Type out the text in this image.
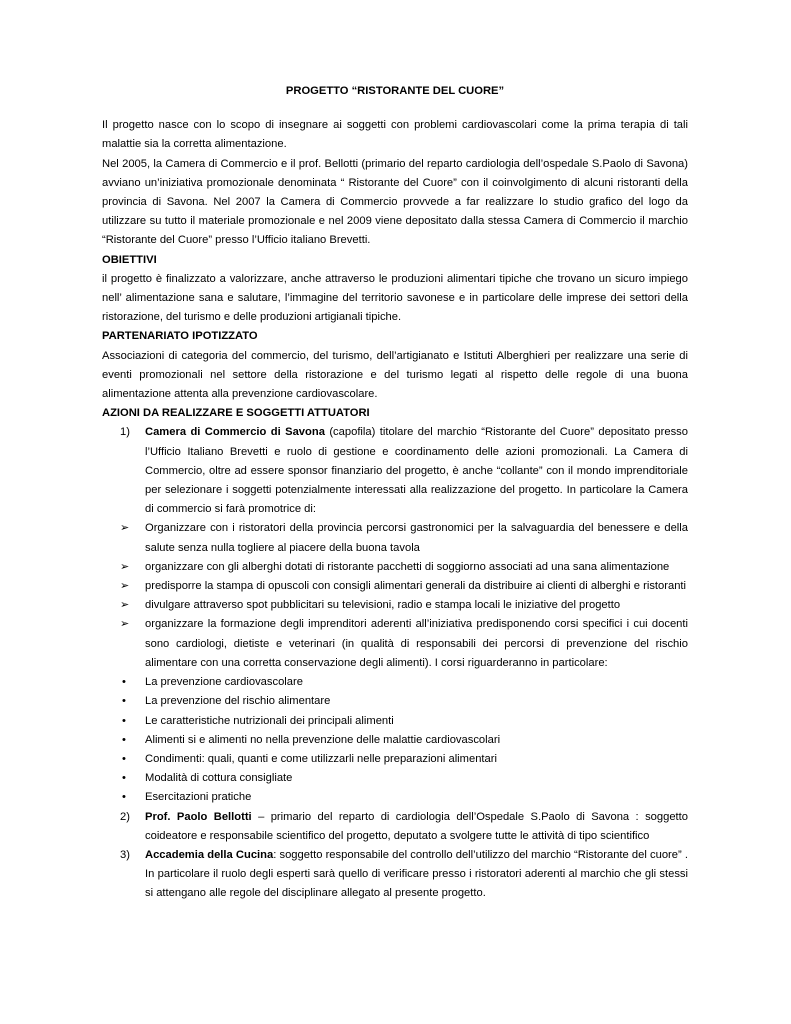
PROGETTO “RISTORANTE DEL CUORE”

Il progetto nasce con lo scopo di insegnare ai soggetti con problemi cardiovascolari come la prima terapia di tali malattie sia la corretta alimentazione.

Nel 2005, la Camera di Commercio e il prof. Bellotti (primario del reparto cardiologia dell’ospedale S.Paolo di Savona) avviano un’iniziativa promozionale denominata “ Ristorante del Cuore” con il coinvolgimento di alcuni ristoranti della provincia di Savona. Nel 2007 la Camera di Commercio provvede a far realizzare lo studio grafico del logo da utilizzare su tutto il materiale promozionale e nel 2009 viene depositato dalla stessa Camera di Commercio il marchio “Ristorante del Cuore” presso l’Ufficio italiano Brevetti.

OBIETTIVI

il progetto è finalizzato a valorizzare, anche attraverso le produzioni alimentari tipiche che trovano un sicuro impiego nell’ alimentazione sana e salutare, l’immagine del territorio savonese e in particolare delle imprese dei settori della ristorazione, del turismo e delle produzioni artigianali tipiche.

PARTENARIATO IPOTIZZATO

Associazioni di categoria del commercio, del turismo, dell’artigianato e Istituti Alberghieri per realizzare una serie di eventi promozionali nel settore della ristorazione e del turismo legati al rispetto delle regole di una buona alimentazione attenta alla prevenzione cardiovascolare.

AZIONI DA REALIZZARE E SOGGETTI ATTUATORI

1) Camera di Commercio di Savona (capofila) titolare del marchio “Ristorante del Cuore” depositato presso l’Ufficio Italiano Brevetti e ruolo di gestione e coordinamento delle azioni promozionali. La Camera di Commercio, oltre ad essere sponsor finanziario del progetto, è anche “collante” con il mondo imprenditoriale per selezionare i soggetti potenzialmente interessati alla realizzazione del progetto. In particolare la Camera di commercio si farà promotrice di:
➢ Organizzare con i ristoratori della provincia percorsi gastronomici per la salvaguardia del benessere e della salute senza nulla togliere al piacere della buona tavola
➢ organizzare con gli alberghi dotati di ristorante pacchetti di soggiorno associati ad una sana alimentazione
➢ predisporre la stampa di opuscoli con consigli alimentari generali da distribuire ai clienti di alberghi e ristoranti
➢ divulgare attraverso spot pubblicitari su televisioni, radio e stampa locali le iniziative del progetto
➢ organizzare la formazione degli imprenditori aderenti all’iniziativa predisponendo corsi specifici i cui docenti sono cardiologi, dietiste e veterinari (in qualità di responsabili dei percorsi di prevenzione del rischio alimentare con una corretta conservazione degli alimenti). I corsi riguarderanno in particolare:
• La prevenzione cardiovascolare
• La prevenzione del rischio alimentare
• Le caratteristiche nutrizionali dei principali alimenti
• Alimenti si e alimenti no nella prevenzione delle malattie cardiovascolari
• Condimenti: quali, quanti e come utilizzarli nelle preparazioni alimentari
• Modalità di cottura consigliate
• Esercitazioni pratiche
2) Prof. Paolo Bellotti – primario del reparto di cardiologia dell’Ospedale S.Paolo di Savona : soggetto coideatore e responsabile scientifico del progetto, deputato a svolgere tutte le attività di tipo scientifico
3) Accademia della Cucina: soggetto responsabile del controllo dell’utilizzo del marchio “Ristorante del cuore” . In particolare il ruolo degli esperti sarà quello di verificare presso i ristoratori aderenti al marchio che gli stessi si attengano alle regole del disciplinare allegato al presente progetto.
